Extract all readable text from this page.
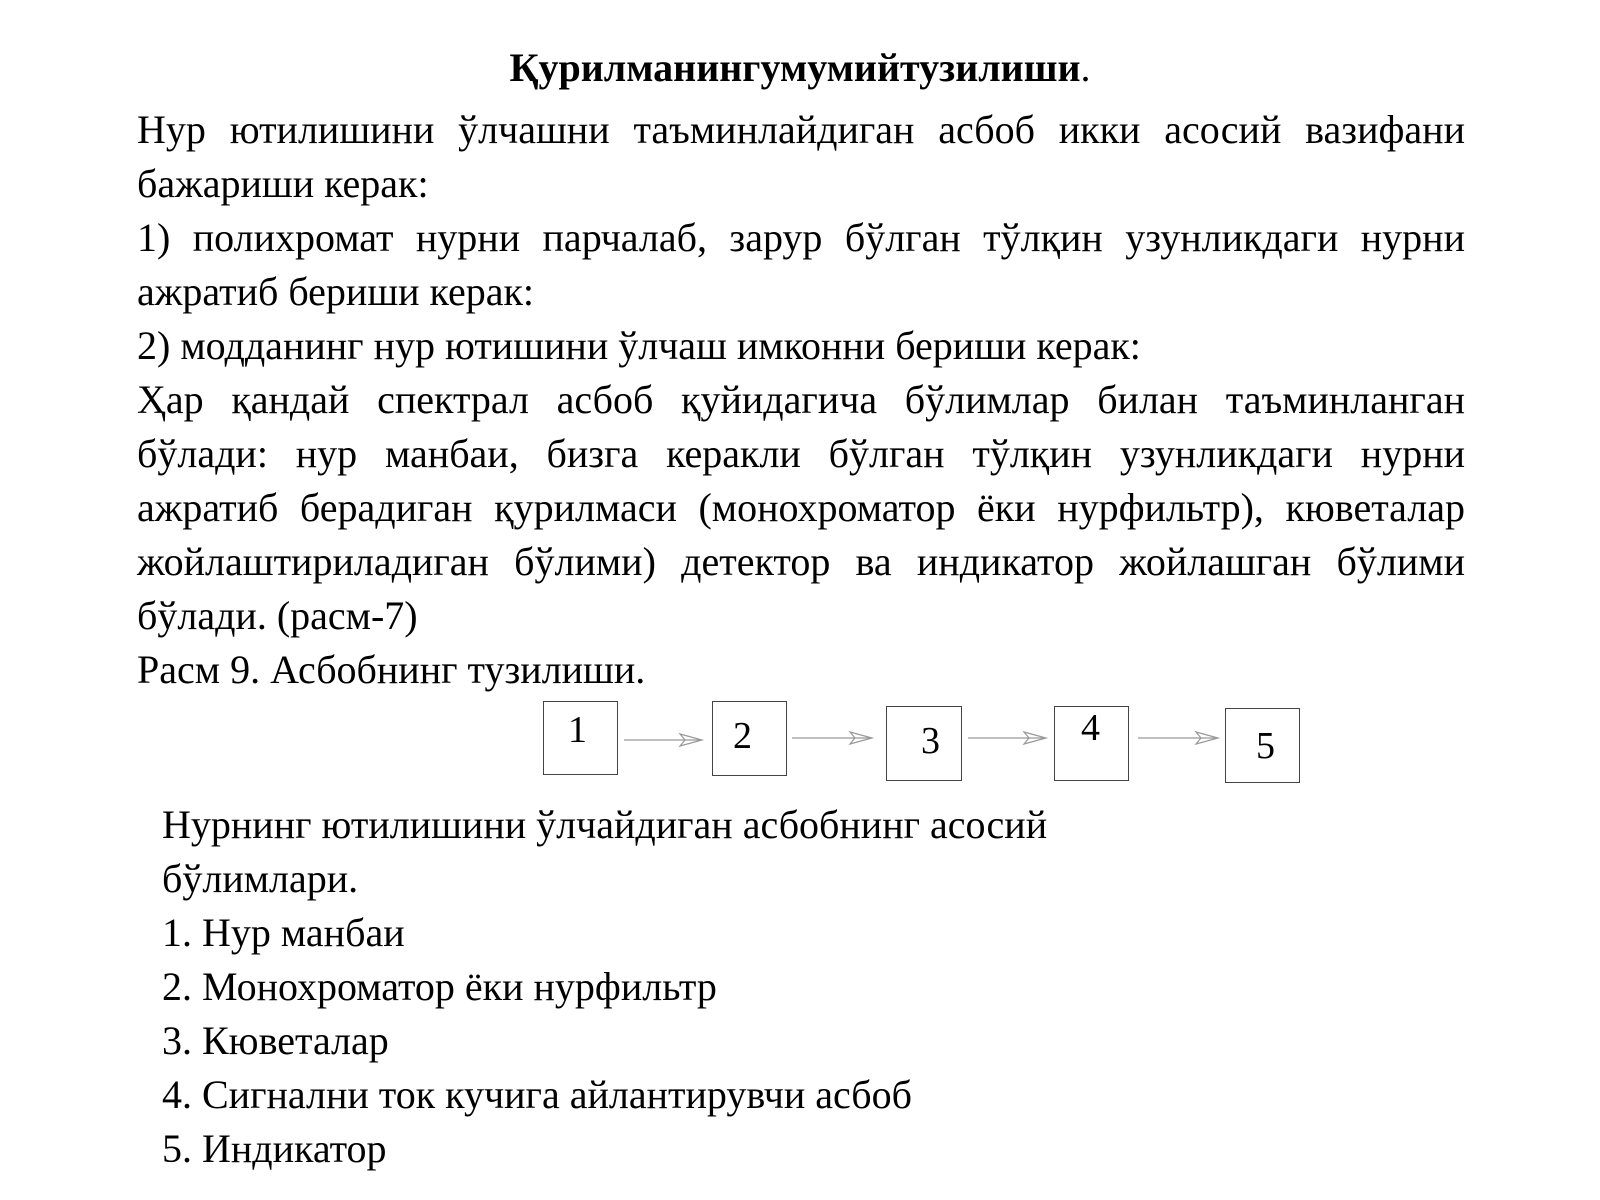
Қурилманингумумийтузилиши.

Нур ютилишини ўлчашни таъминлайдиган асбоб икки асосий вазифани бажариши керак:

1) полихромат нурни парчалаб, зарур бўлган тўлқин узунликдаги нурни ажратиб бериши керак:

2) модданинг нур ютишини ўлчаш имконни бериши керак:

Ҳар қандай спектрал асбоб қуйидагича бўлимлар билан таъминланган бўлади: нур манбаи, бизга керакли бўлган тўлқин узунликдаги нурни ажратиб берадиган қурилмаси (монохроматор ёки нурфильтр), кюветалар жойлаштириладиган бўлими) детектор ва индикатор жойлашган бўлими бўлади. (расм-7)

Расм 9. Асбобнинг тузилиши.

1	2	3	4	5
Нурнинг ютилишини ўлчайдиган асбобнинг асосий
бўлимлари.
1. Нур манбаи
2. Монохроматор ёки нурфильтр
3. Кюветалар
4. Сигнални ток кучига айлантирувчи асбоб
5. Индикатор
